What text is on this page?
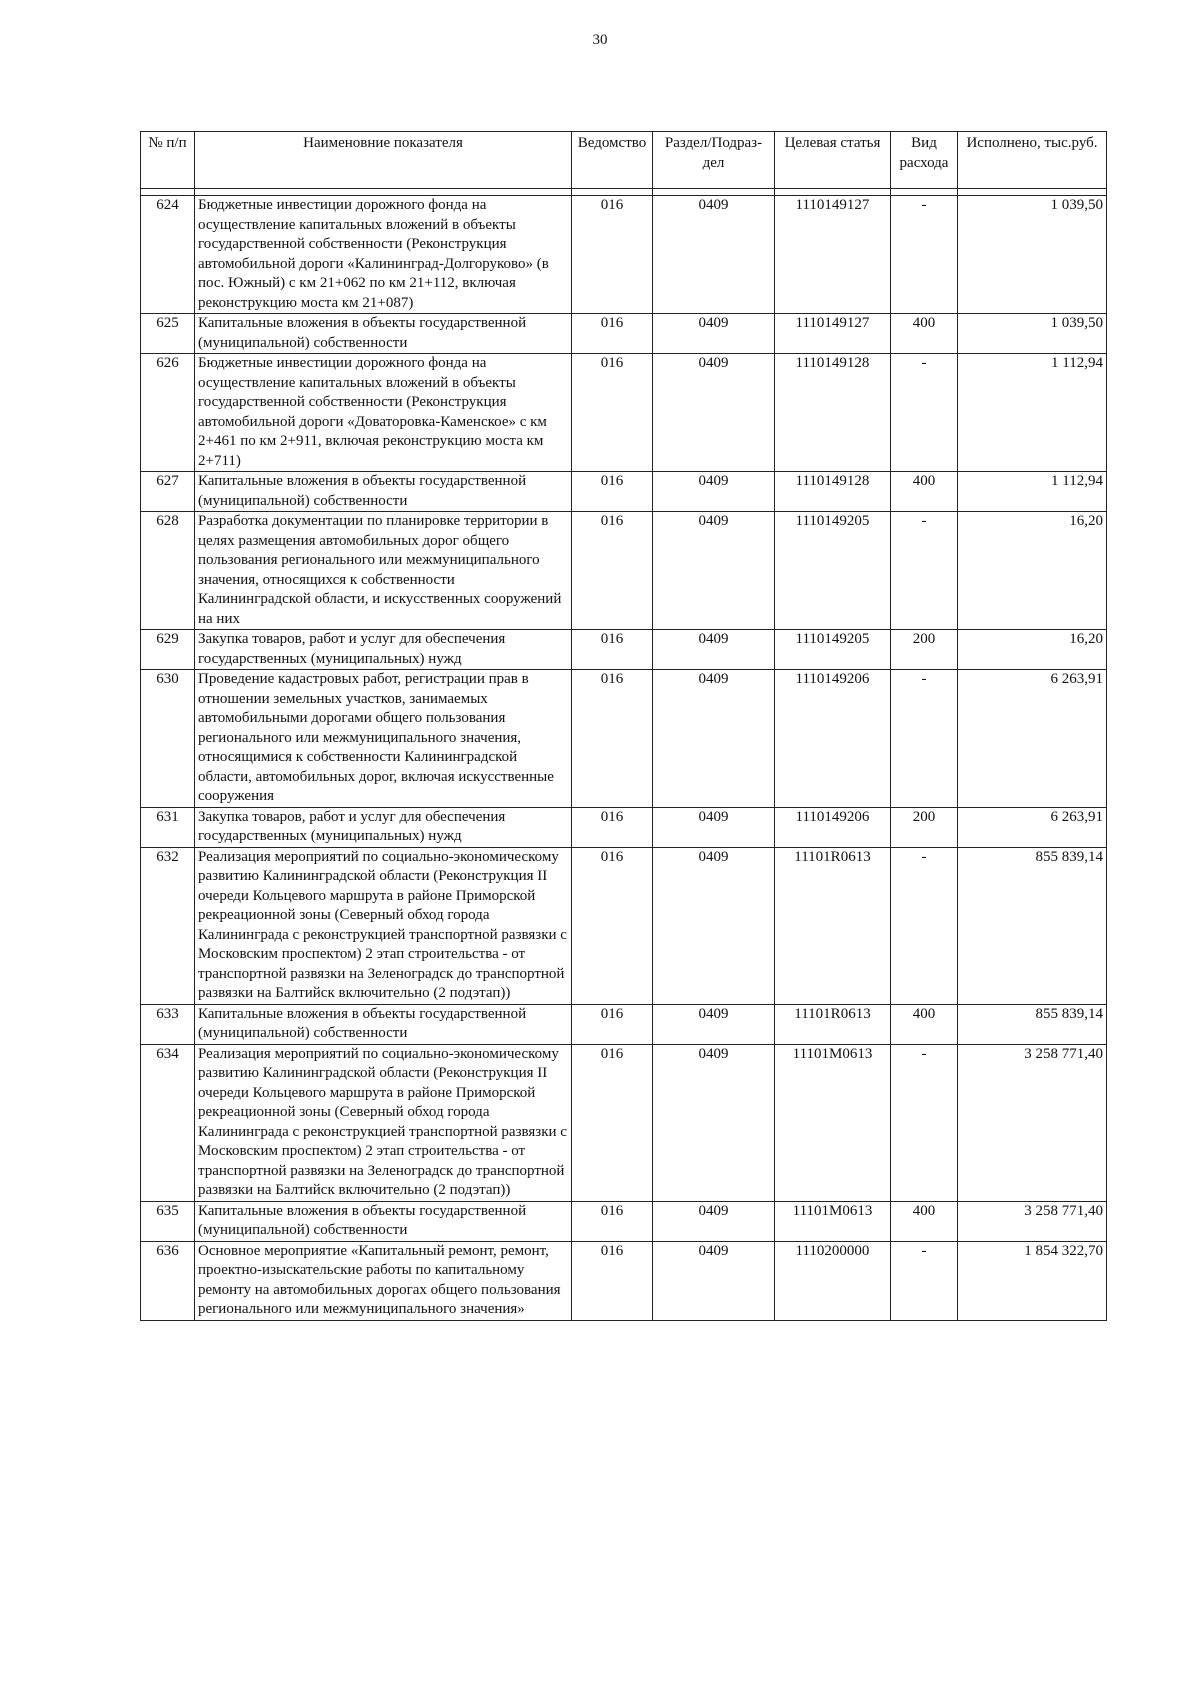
30
№ п/п	Наименовние показателя	Ведомство	Раздел/Подраз-дел	Целевая статья	Вид расхода	Исполнено, тыс.руб.

624	Бюджетные инвестиции дорожного фонда на осуществление капитальных вложений в объекты государственной собственности (Реконструкция автомобильной дороги «Калининград-Долгоруково» (в пос. Южный) с км 21+062 по км 21+112, включая реконструкцию моста км 21+087)	016	0409	1110149127	-	1 039,50
625	Капитальные вложения в объекты государственной (муниципальной) собственности	016	0409	1110149127	400	1 039,50
626	Бюджетные инвестиции дорожного фонда на осуществление капитальных вложений в объекты государственной собственности (Реконструкция автомобильной дороги «Доваторовка-Каменское» с км 2+461 по км 2+911, включая реконструкцию моста км 2+711)	016	0409	1110149128	-	1 112,94
627	Капитальные вложения в объекты государственной (муниципальной) собственности	016	0409	1110149128	400	1 112,94
628	Разработка документации по планировке территории в целях размещения автомобильных дорог общего пользования регионального или межмуниципального значения, относящихся к собственности Калининградской области, и искусственных сооружений на них	016	0409	1110149205	-	16,20
629	Закупка товаров, работ и услуг для обеспечения государственных (муниципальных) нужд	016	0409	1110149205	200	16,20
630	Проведение кадастровых работ, регистрации прав в отношении земельных участков, занимаемых автомобильными дорогами общего пользования регионального или межмуниципального значения, относящимися к собственности Калининградской области, автомобильных дорог, включая искусственные сооружения	016	0409	1110149206	-	6 263,91
631	Закупка товаров, работ и услуг для обеспечения государственных (муниципальных) нужд	016	0409	1110149206	200	6 263,91
632	Реализация мероприятий по социально-экономическому развитию Калининградской области (Реконструкция II очереди Кольцевого маршрута в районе Приморской рекреационной зоны (Северный обход города Калининграда с реконструкцией транспортной развязки с Московским проспектом) 2 этап строительства - от транспортной развязки на Зеленоградск до транспортной развязки на Балтийск включительно (2 подэтап))	016	0409	11101R0613	-	855 839,14
633	Капитальные вложения в объекты государственной (муниципальной) собственности	016	0409	11101R0613	400	855 839,14
634	Реализация мероприятий по социально-экономическому развитию Калининградской области (Реконструкция II очереди Кольцевого маршрута в районе Приморской рекреационной зоны (Северный обход города Калининграда с реконструкцией транспортной развязки с Московским проспектом) 2 этап строительства - от транспортной развязки на Зеленоградск до транспортной развязки на Балтийск включительно (2 подэтап))	016	0409	11101M0613	-	3 258 771,40
635	Капитальные вложения в объекты государственной (муниципальной) собственности	016	0409	11101M0613	400	3 258 771,40
636	Основное мероприятие «Капитальный ремонт, ремонт, проектно-изыскательские работы по капитальному ремонту на автомобильных дорогах общего пользования регионального или межмуниципального значения»	016	0409	1110200000	-	1 854 322,70
